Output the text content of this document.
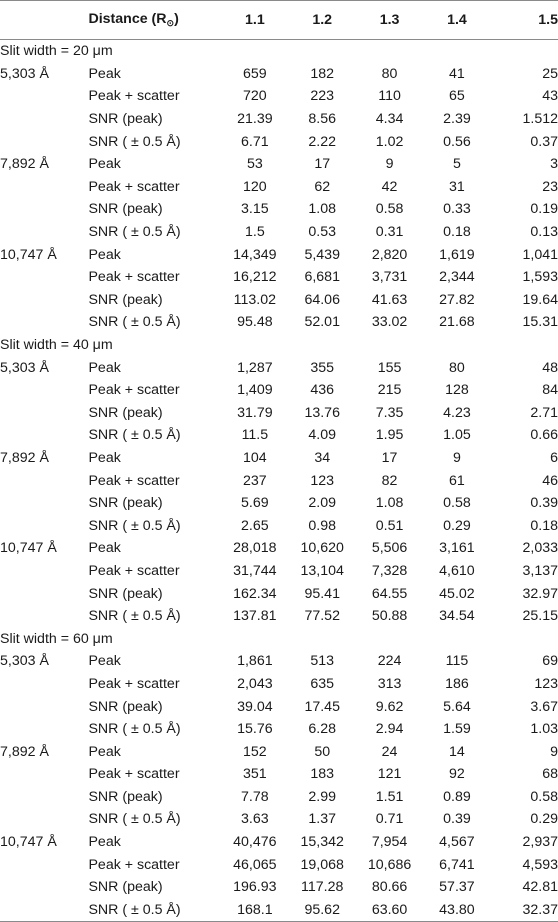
	Distance $(R_⊙)$	1.1	1.2	1.3	1.4	1.5
Slit width = 20 μm						
5,303 Å	Peak	659	182	80	41	25
	Peak + scatter	720	223	110	65	43
	SNR (peak)	21.39	8.56	4.34	2.39	1.512
	SNR ( ± 0.5 Å)	6.71	2.22	1.02	0.56	0.37
7,892 Å	Peak	53	17	9	5	3
	Peak + scatter	120	62	42	31	23
	SNR (peak)	3.15	1.08	0.58	0.33	0.19
	SNR ( ± 0.5 Å)	1.5	0.53	0.31	0.18	0.13
10,747 Å	Peak	14,349	5,439	2,820	1,619	1,041
	Peak + scatter	16,212	6,681	3,731	2,344	1,593
	SNR (peak)	113.02	64.06	41.63	27.82	19.64
	SNR ( ± 0.5 Å)	95.48	52.01	33.02	21.68	15.31
Slit width = 40 μm						
5,303 Å	Peak	1,287	355	155	80	48
	Peak + scatter	1,409	436	215	128	84
	SNR (peak)	31.79	13.76	7.35	4.23	2.71
	SNR ( ± 0.5 Å)	11.5	4.09	1.95	1.05	0.66
7,892 Å	Peak	104	34	17	9	6
	Peak + scatter	237	123	82	61	46
	SNR (peak)	5.69	2.09	1.08	0.58	0.39
	SNR ( ± 0.5 Å)	2.65	0.98	0.51	0.29	0.18
10,747 Å	Peak	28,018	10,620	5,506	3,161	2,033
	Peak + scatter	31,744	13,104	7,328	4,610	3,137
	SNR (peak)	162.34	95.41	64.55	45.02	32.97
	SNR ( ± 0.5 Å)	137.81	77.52	50.88	34.54	25.15
Slit width = 60 μm						
5,303 Å	Peak	1,861	513	224	115	69
	Peak + scatter	2,043	635	313	186	123
	SNR (peak)	39.04	17.45	9.62	5.64	3.67
	SNR ( ± 0.5 Å)	15.76	6.28	2.94	1.59	1.03
7,892 Å	Peak	152	50	24	14	9
	Peak + scatter	351	183	121	92	68
	SNR (peak)	7.78	2.99	1.51	0.89	0.58
	SNR ( ± 0.5 Å)	3.63	1.37	0.71	0.39	0.29
10,747 Å	Peak	40,476	15,342	7,954	4,567	2,937
	Peak + scatter	46,065	19,068	10,686	6,741	4,593
	SNR (peak)	196.93	117.28	80.66	57.37	42.81
	SNR ( ± 0.5 Å)	168.1	95.62	63.60	43.80	32.37
